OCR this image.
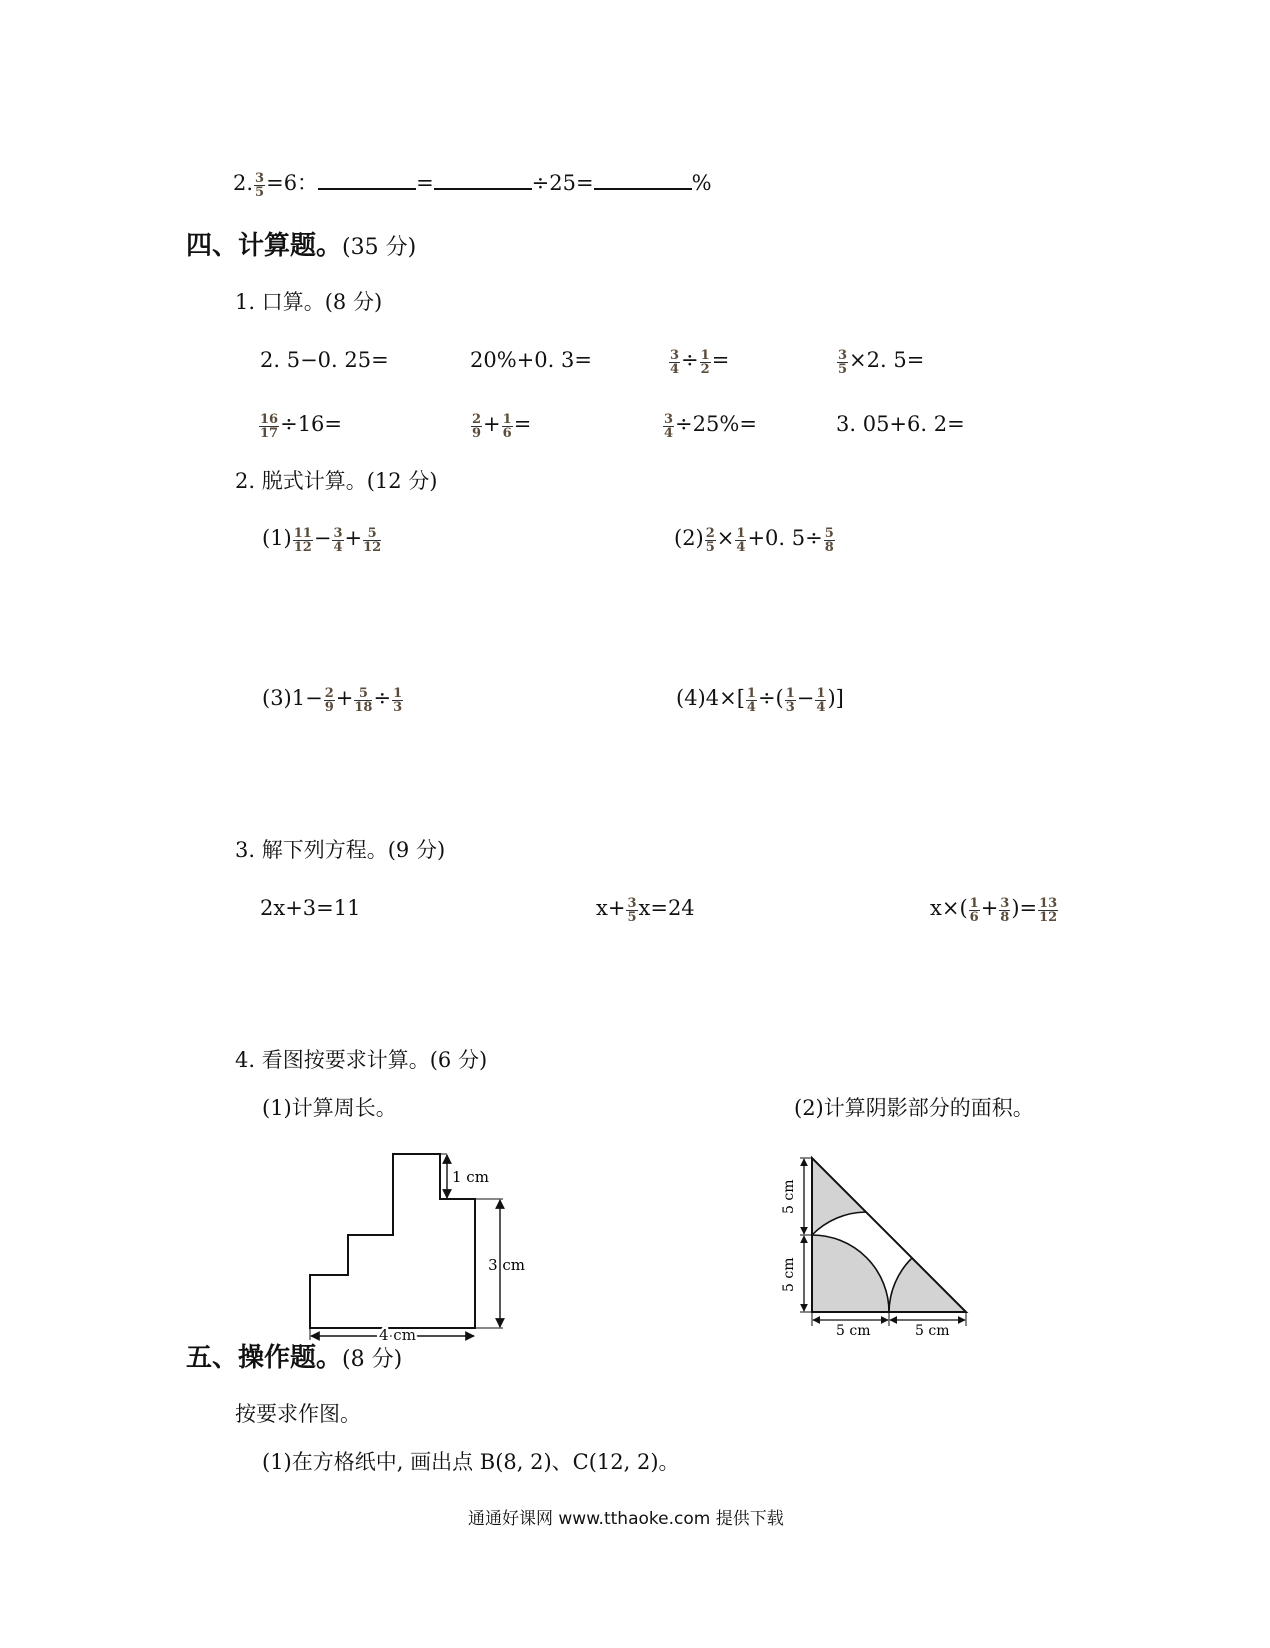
2. $\frac{3}{5} =6$：	=	÷25=	%
四、计算题。(35 分)
1. 口算。(8 分)
2. 5−0. 25=	20%+0. 3=	$\frac{3}{4} \div \frac{1}{2}$ =	$\frac{3}{5} \times 2$. 5=
$\frac{16}{17} \div 16=$	$\frac{2}{9} + \frac{1}{6}$ =	$\frac{3}{4} \div 25\%=$	3. 05+6. 2=
2. 脱式计算。(12 分)
$(1) \frac{11}{12} - \frac{3}{4} + \frac{5}{12}$	$(2) \frac{2}{5} \times \frac{1}{4} +0$. $5\div \frac{5}{8}$
$(3)1- \frac{2}{9} + \frac{5}{18} \div \frac{1}{3}$	$(4)4\times[ \frac{1}{4}$ ÷( $\frac{1}{3} - \frac{1}{4}$ )]
3. 解下列方程。(9 分)
2x+3=11	$x+ \frac{3}{5} x=24$	$x\times( \frac{1}{6} + \frac{3}{8}$ )= $\frac{13}{12}$
4. 看图按要求计算。(6 分)
(1)计算周长。	(2)计算阴影部分的面积。
1 cm
3 cm
4 cm
5 cm
5 cm
5 cm	5 cm
五、操作题。(8 分)
按要求作图。
(1)在方格纸中, 画出点 B(8, 2)、C(12, 2)。
通通好课网 www.tthaoke.com 提供下载
